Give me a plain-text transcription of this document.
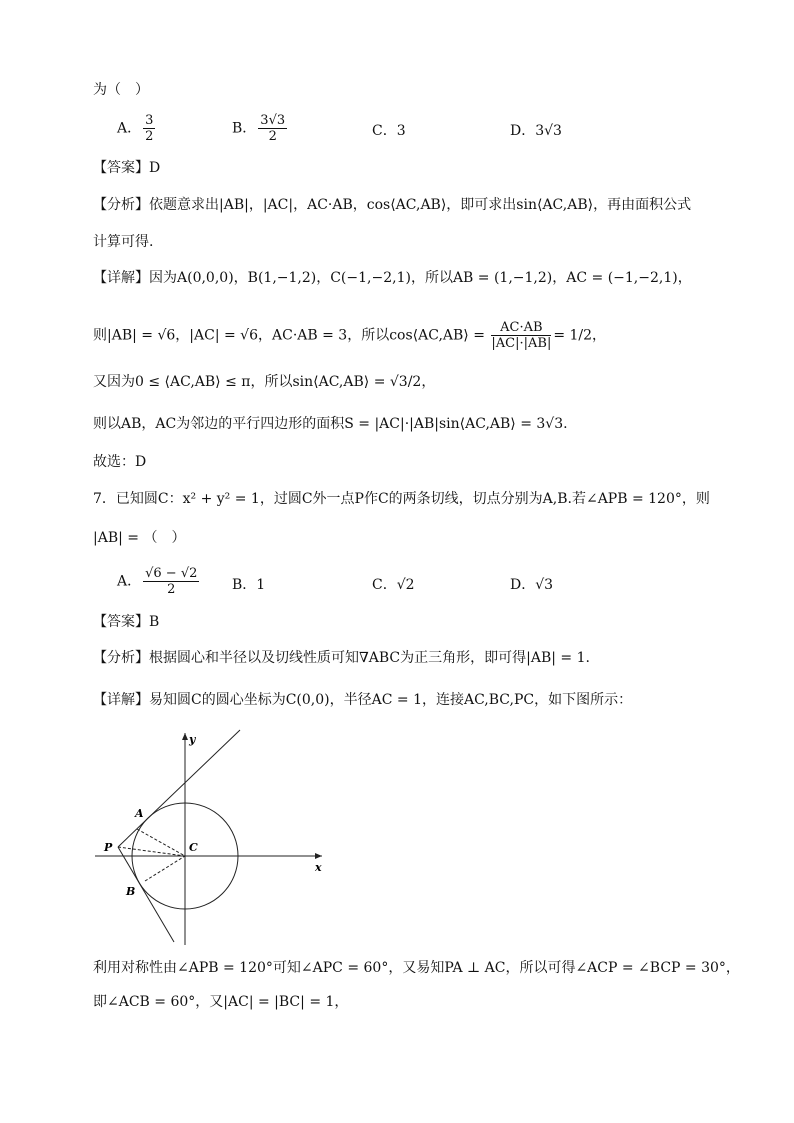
为（　）
A． $\frac{3}{2}$	B． $\frac{3√3}{2}$	C．3	D．3√3
【答案】D
【分析】依题意求出|AB|，|AC|，AC·AB，cos⟨AC,AB⟩，即可求出sin⟨AC,AB⟩，再由面积公式
计算可得.
【详解】因为A(0,0,0)，B(1,−1,2)，C(−1,−2,1)，所以AB = (1,−1,2)，AC = (−1,−2,1)，
则|AB| = √6，|AC| = √6，AC·AB = 3，所以cos⟨AC,AB⟩ = $\frac{AC\cdot AB}{|AC|\cdot|AB|} = 1/2$，
又因为0 ≤ ⟨AC,AB⟩ ≤ π，所以sin⟨AC,AB⟩ = √3/2，
则以AB，AC为邻边的平行四边形的面积S = |AC|·|AB|sin⟨AC,AB⟩ = 3√3.
故选：D
7．已知圆C：x² + y² = 1，过圆C外一点P作C的两条切线，切点分别为A,B.若∠APB = 120°，则
|AB| = （　）
A． $\frac{√6 - √2}{2}$ B．1	C．√2	D．√3
【答案】B
【分析】根据圆心和半径以及切线性质可知∇ABC为正三角形，即可得|AB| = 1.
【详解】易知圆C的圆心坐标为C(0,0)，半径AC = 1，连接AC,BC,PC，如下图所示：
y
x
A
P	C
B
利用对称性由∠APB = 120°可知∠APC = 60°，又易知PA ⊥ AC，所以可得∠ACP = ∠BCP = 30°，
即∠ACB = 60°，又|AC| = |BC| = 1，
